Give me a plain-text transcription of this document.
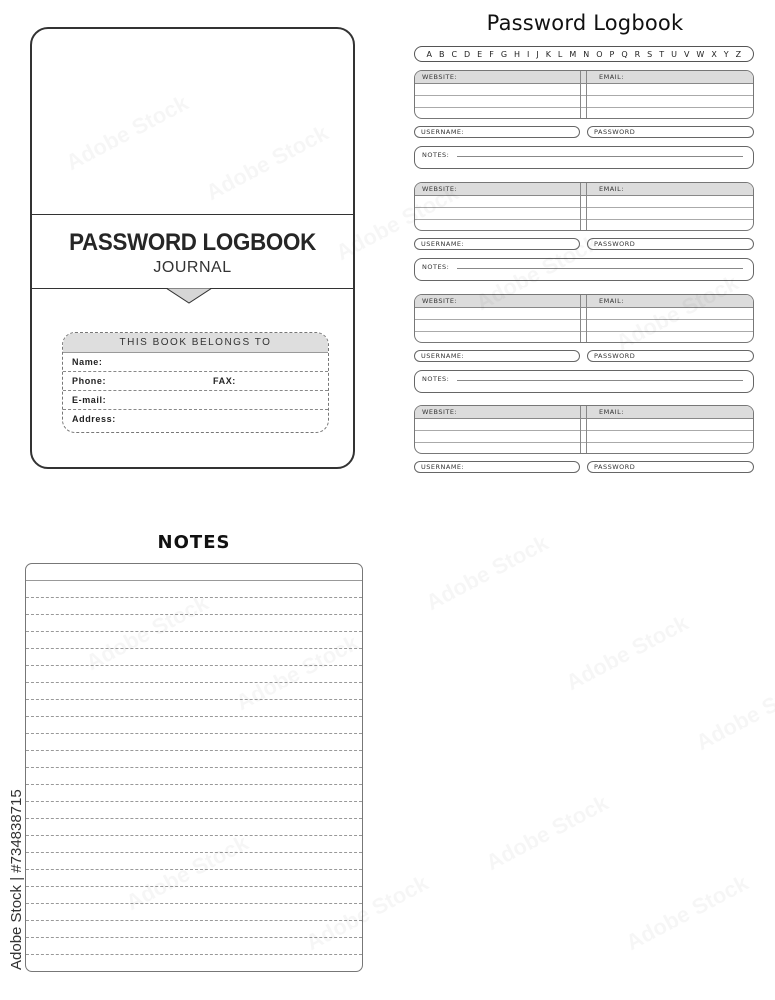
PASSWORD LOGBOOK
JOURNAL
THIS BOOK BELONGS TO
Name:
Phone:	FAX:
E-mail:
Address:
Password Logbook
A B C D E F G H I J K L M N O P Q R S T U V W X Y Z
WEBSITE:	EMAIL:
USERNAME:	PASSWORD
NOTES:
WEBSITE:	EMAIL:
USERNAME:	PASSWORD
NOTES:
WEBSITE:	EMAIL:
USERNAME:	PASSWORD
NOTES:
WEBSITE:	EMAIL:
USERNAME:	PASSWORD
NOTES
Adobe Stock | #734838715
